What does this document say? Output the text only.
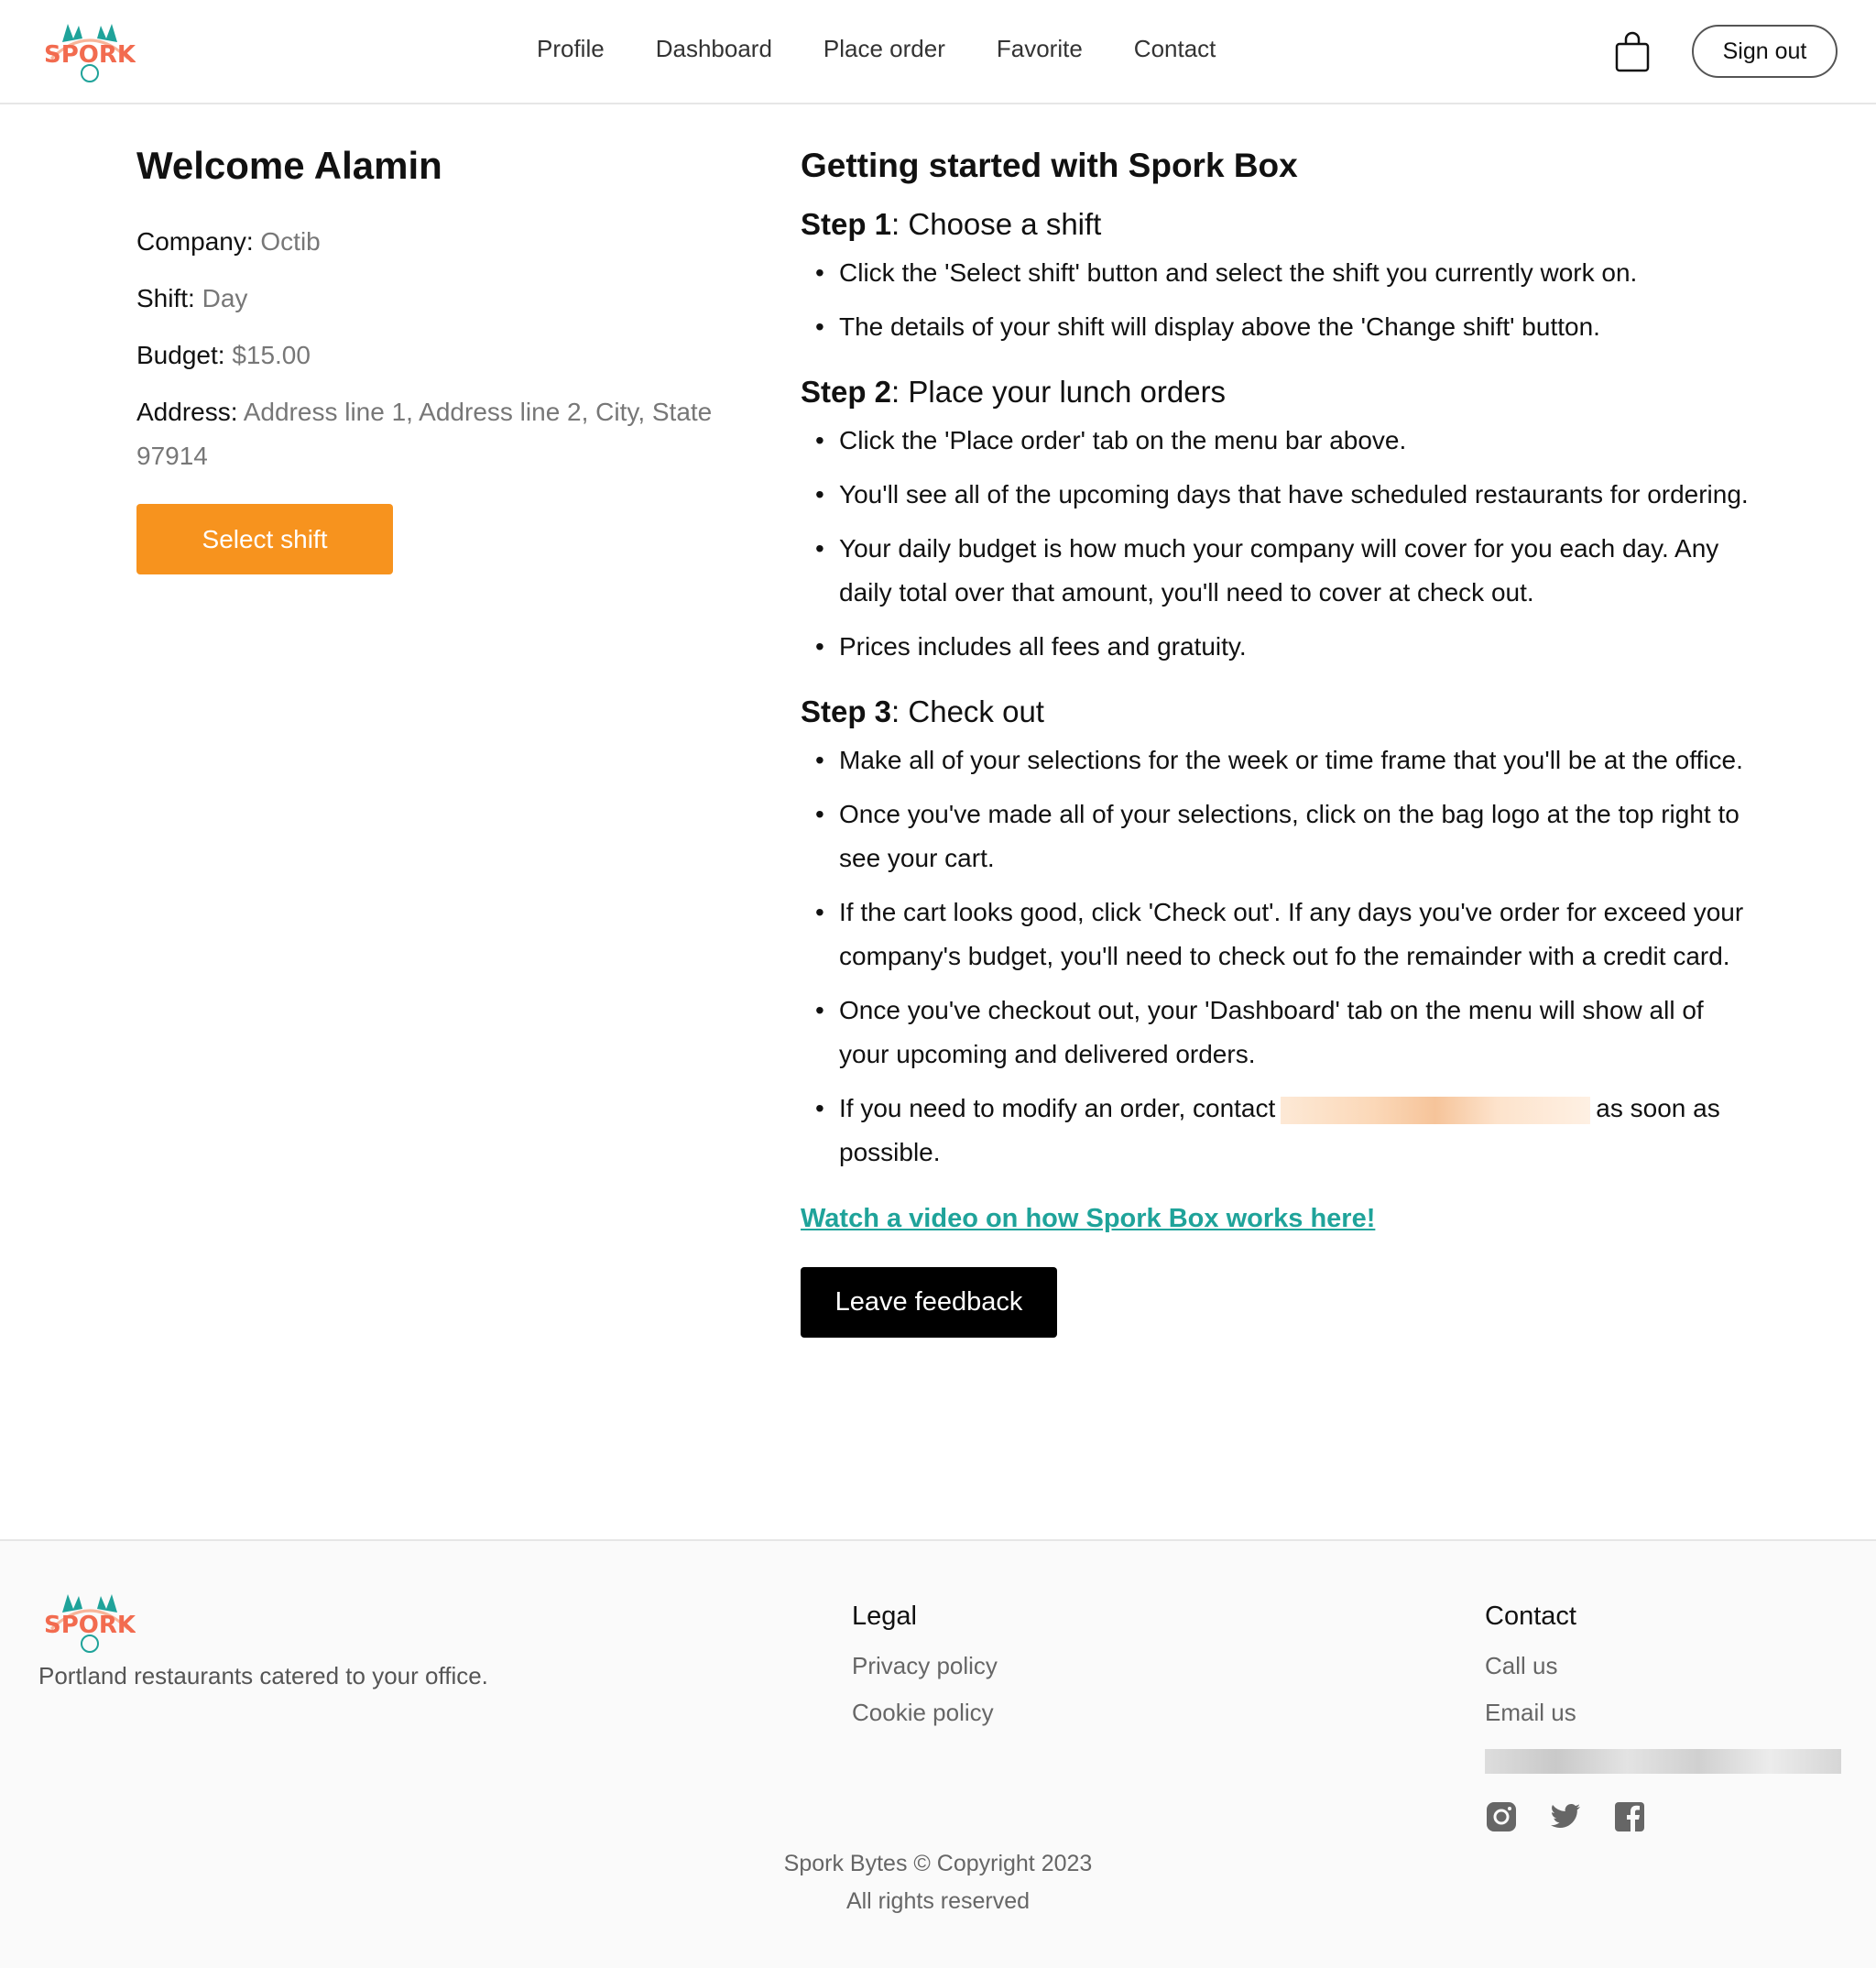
SPORK	Profile Dashboard Place order Favorite Contact	Sign out
Welcome Alamin

Company: Octib

Shift: Day

Budget: $15.00

Address: Address line 1, Address line 2, City, State 97914

Select shift
Getting started with Spork Box
Step 1: Choose a shift
• Click the 'Select shift' button and select the shift you currently work on.
• The details of your shift will display above the 'Change shift' button.
Step 2: Place your lunch orders
• Click the 'Place order' tab on the menu bar above.
• You'll see all of the upcoming days that have scheduled restaurants for ordering.
• Your daily budget is how much your company will cover for you each day. Any daily total over that amount, you'll need to cover at check out.
• Prices includes all fees and gratuity.
Step 3: Check out
• Make all of your selections for the week or time frame that you'll be at the office.
• Once you've made all of your selections, click on the bag logo at the top right to see your cart.
• If the cart looks good, click 'Check out'. If any days you've order for exceed your company's budget, you'll need to check out fo the remainder with a credit card.
• Once you've checkout out, your 'Dashboard' tab on the menu will show all of your upcoming and delivered orders.
• If you need to modify an order, contact	as soon as possible.
Watch a video on how Spork Box works here!
Leave feedback
SPORK

Portland restaurants catered to your office.

Legal
Privacy policy
Cookie policy
Contact
Call us
Email us

Spork Bytes © Copyright 2023

All rights reserved
